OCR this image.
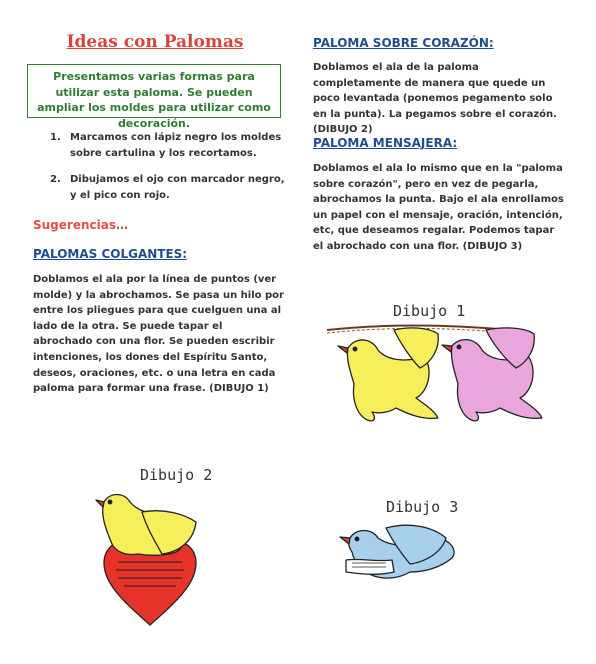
Ideas con Palomas
Presentamos varias formas para utilizar esta paloma. Se pueden ampliar los moldes para utilizar como decoración.
1. Marcamos con lápiz negro los moldes sobre cartulina y los recortamos.
2. Dibujamos el ojo con marcador negro, y el pico con rojo.
Sugerencias…
PALOMAS COLGANTES:
Doblamos el ala por la línea de puntos (ver molde) y la abrochamos. Se pasa un hilo por entre los pliegues para que cuelguen una al lado de la otra. Se puede tapar el abrochado con una flor. Se pueden escribir intenciones, los dones del Espíritu Santo, deseos, oraciones, etc. o una letra en cada paloma para formar una frase. (DIBUJO 1)
PALOMA SOBRE CORAZÓN:
Doblamos el ala de la paloma completamente de manera que quede un poco levantada (ponemos pegamento solo en la punta). La pegamos sobre el corazón. (DIBUJO 2)
PALOMA MENSAJERA:
Doblamos el ala lo mismo que en la "paloma sobre corazón", pero en vez de pegarla, abrochamos la punta. Bajo el ala enrollamos un papel con el mensaje, oración, intención, etc, que deseamos regalar. Podemos tapar el abrochado con una flor. (DIBUJO 3)
Dibujo 1
Dibujo 2
Dibujo 3
